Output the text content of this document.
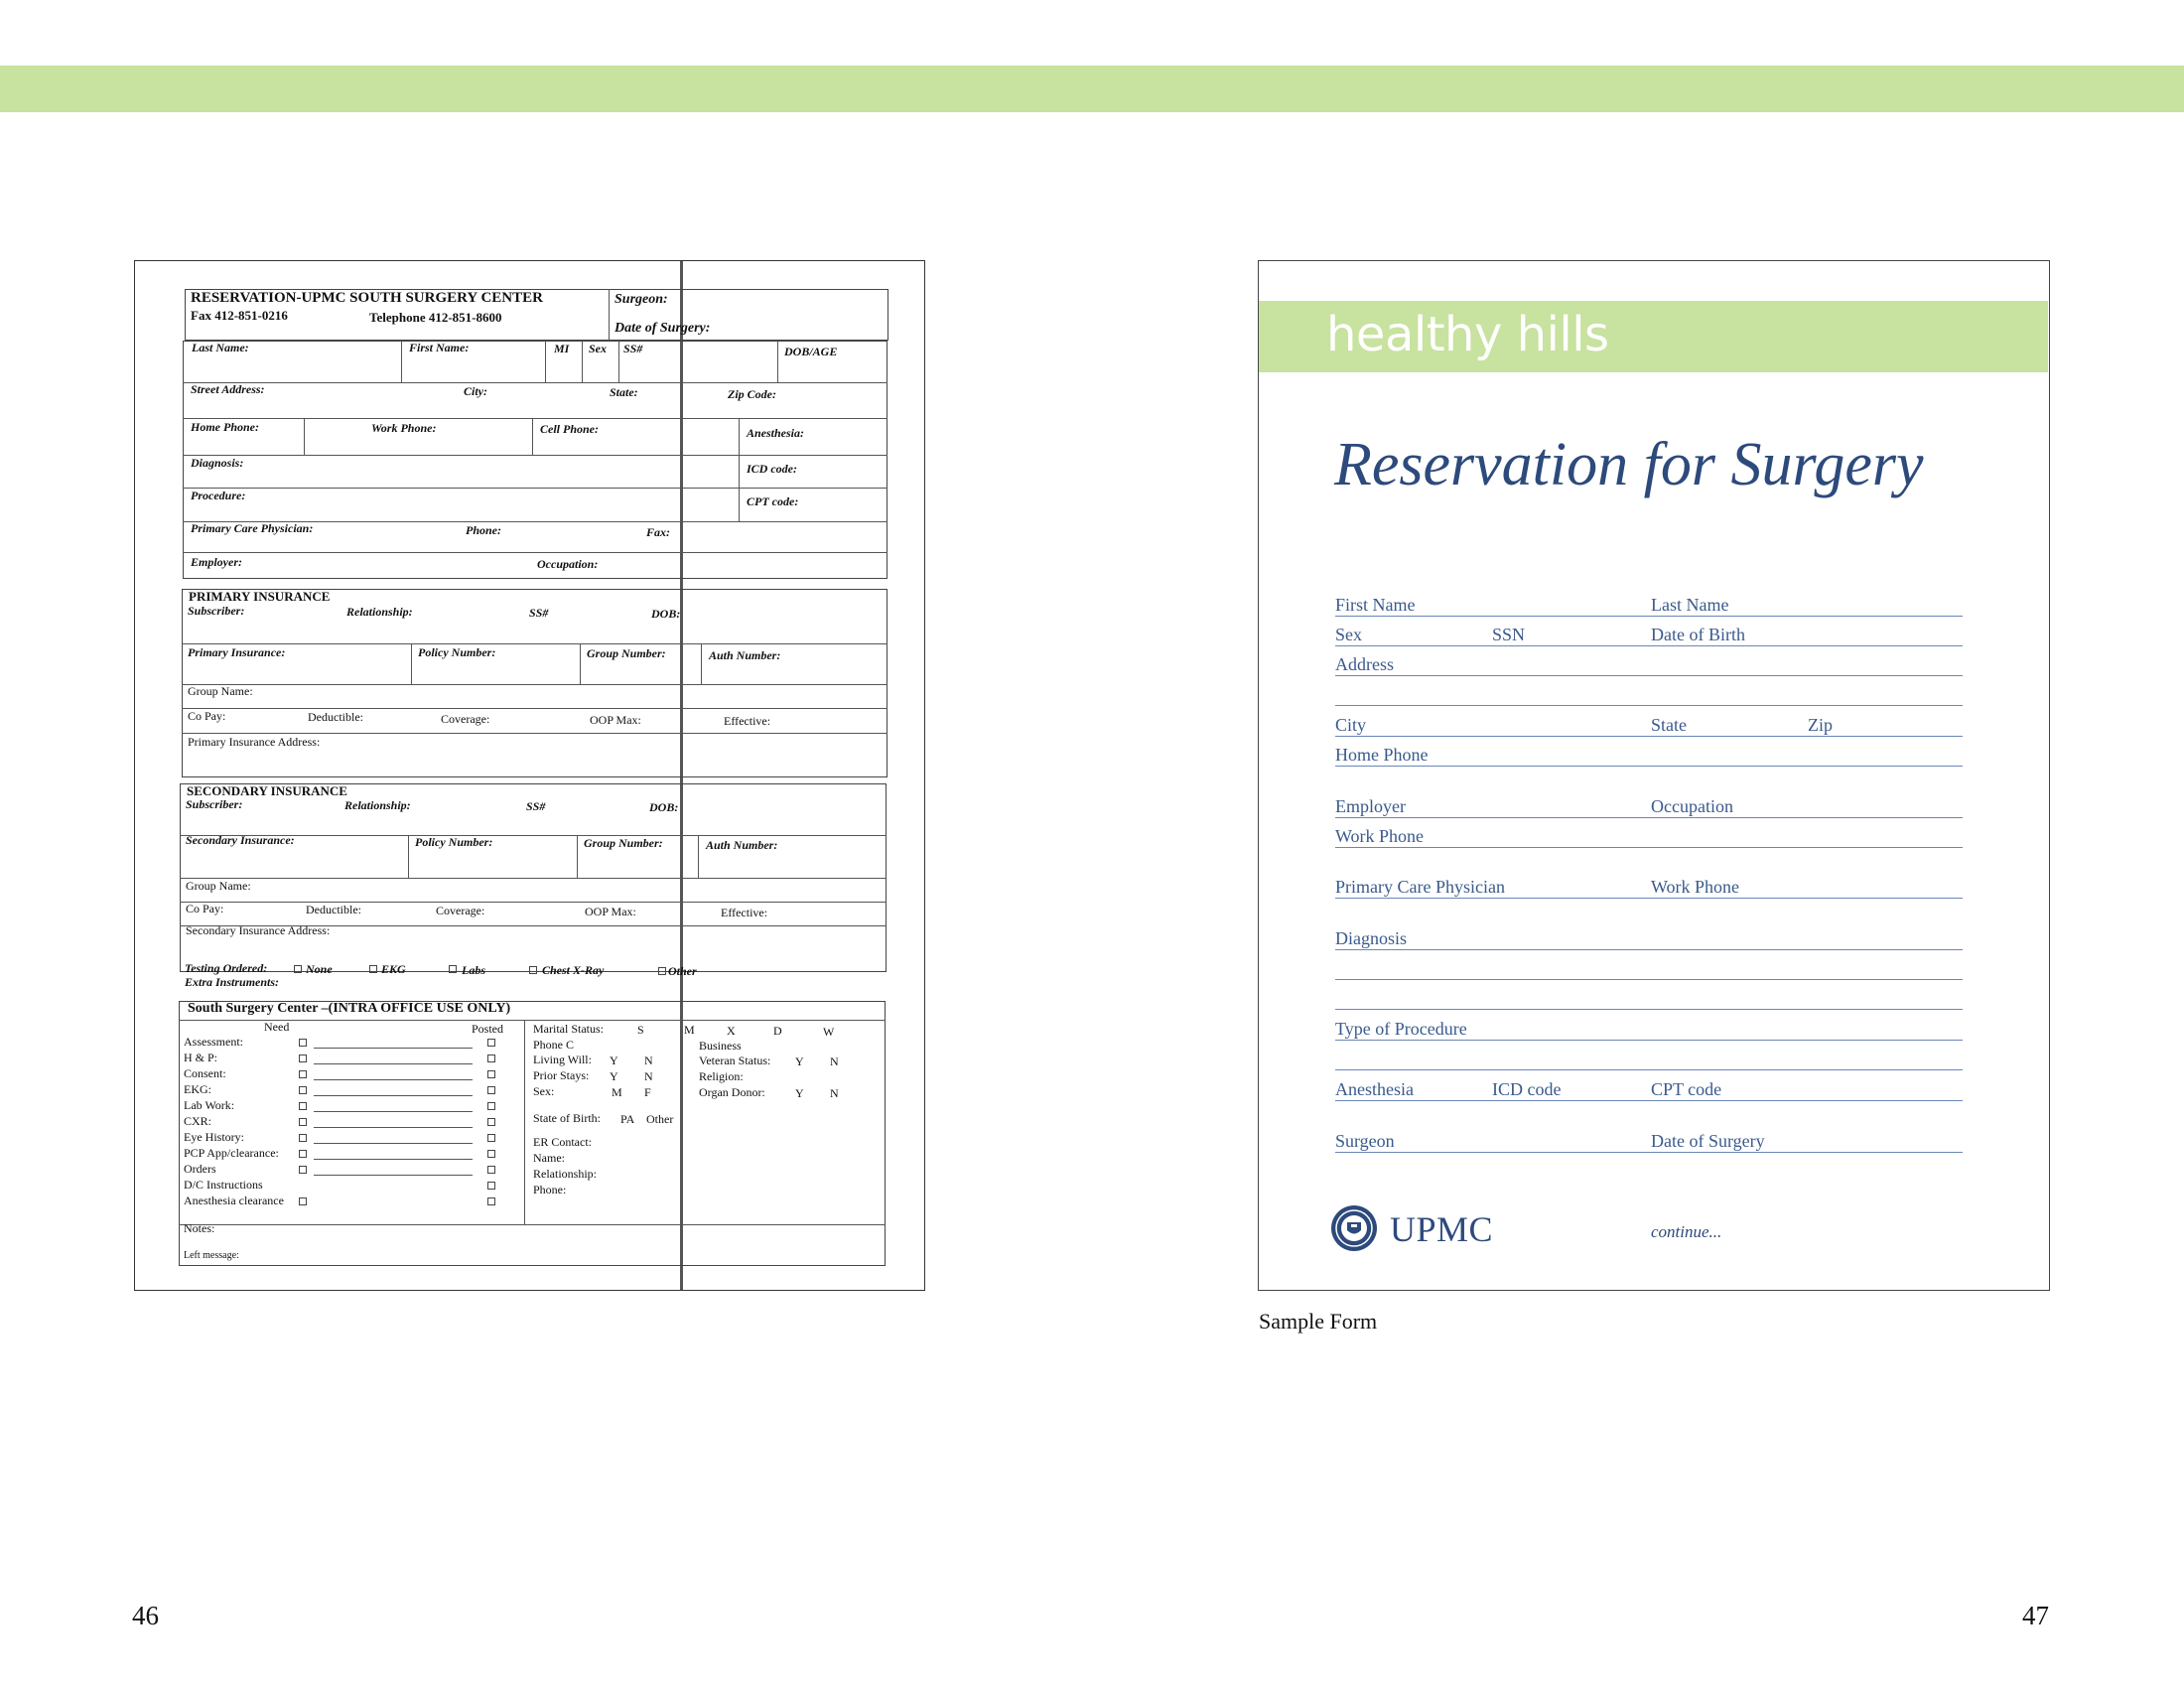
RESERVATION-UPMC SOUTH SURGERY CENTER
Fax 412-851-0216	Telephone 412-851-8600
Surgeon:
Date of Surgery:
Last Name:	First Name:	MI Sex SS#	DOB/AGE
Street Address:	City:	State:	Zip Code:
Home Phone:	Work Phone:	Cell Phone:	Anesthesia:
Diagnosis:	ICD code:
Procedure:	CPT code:
Primary Care Physician:	Phone:	Fax:
Employer:	Occupation:
PRIMARY INSURANCE
Subscriber:	Relationship:	SS#	DOB:
Primary Insurance:	Policy Number:	Group Number:	Auth Number:
Group Name:
Co Pay:	Deductible:	Coverage:	OOP Max:	Effective:
Primary Insurance Address:
SECONDARY INSURANCE
Subscriber:	Relationship:	SS#	DOB:
Secondary Insurance:	Policy Number:	Group Number:	Auth Number:
Group Name:
Co Pay:	Deductible:	Coverage:	OOP Max:	Effective:
Secondary Insurance Address:
Testing Ordered:	None	EKG	Labs	Chest X-Ray	Other
Extra Instruments:
South Surgery Center –(INTRA OFFICE USE ONLY)
Need	Posted
Assessment:
H & P:
Consent:
EKG:
Lab Work:
CXR:
Eye History:
PCP App/clearance:
Orders
D/C Instructions
Anesthesia clearance
Marital Status:	S	M	X	D	W
Phone C	Business
Living Will: Y N	Veteran Status: Y N
Prior Stays: Y N	Religion:
Sex:	M F	Organ Donor:	Y N
State of Birth: PA Other
ER Contact:
Name:
Relationship:
Phone:
Notes:
Left message:
healthy hills
Reservation for Surgery
First Name	Last Name
Sex	SSN	Date of Birth
Address
City	State	Zip
Home Phone
Employer	Occupation
Work Phone
Primary Care Physician	Work Phone
Diagnosis
Type of Procedure
Anesthesia	ICD code	CPT code
Surgeon	Date of Surgery
UPMC	continue...
Sample Form
46	47
